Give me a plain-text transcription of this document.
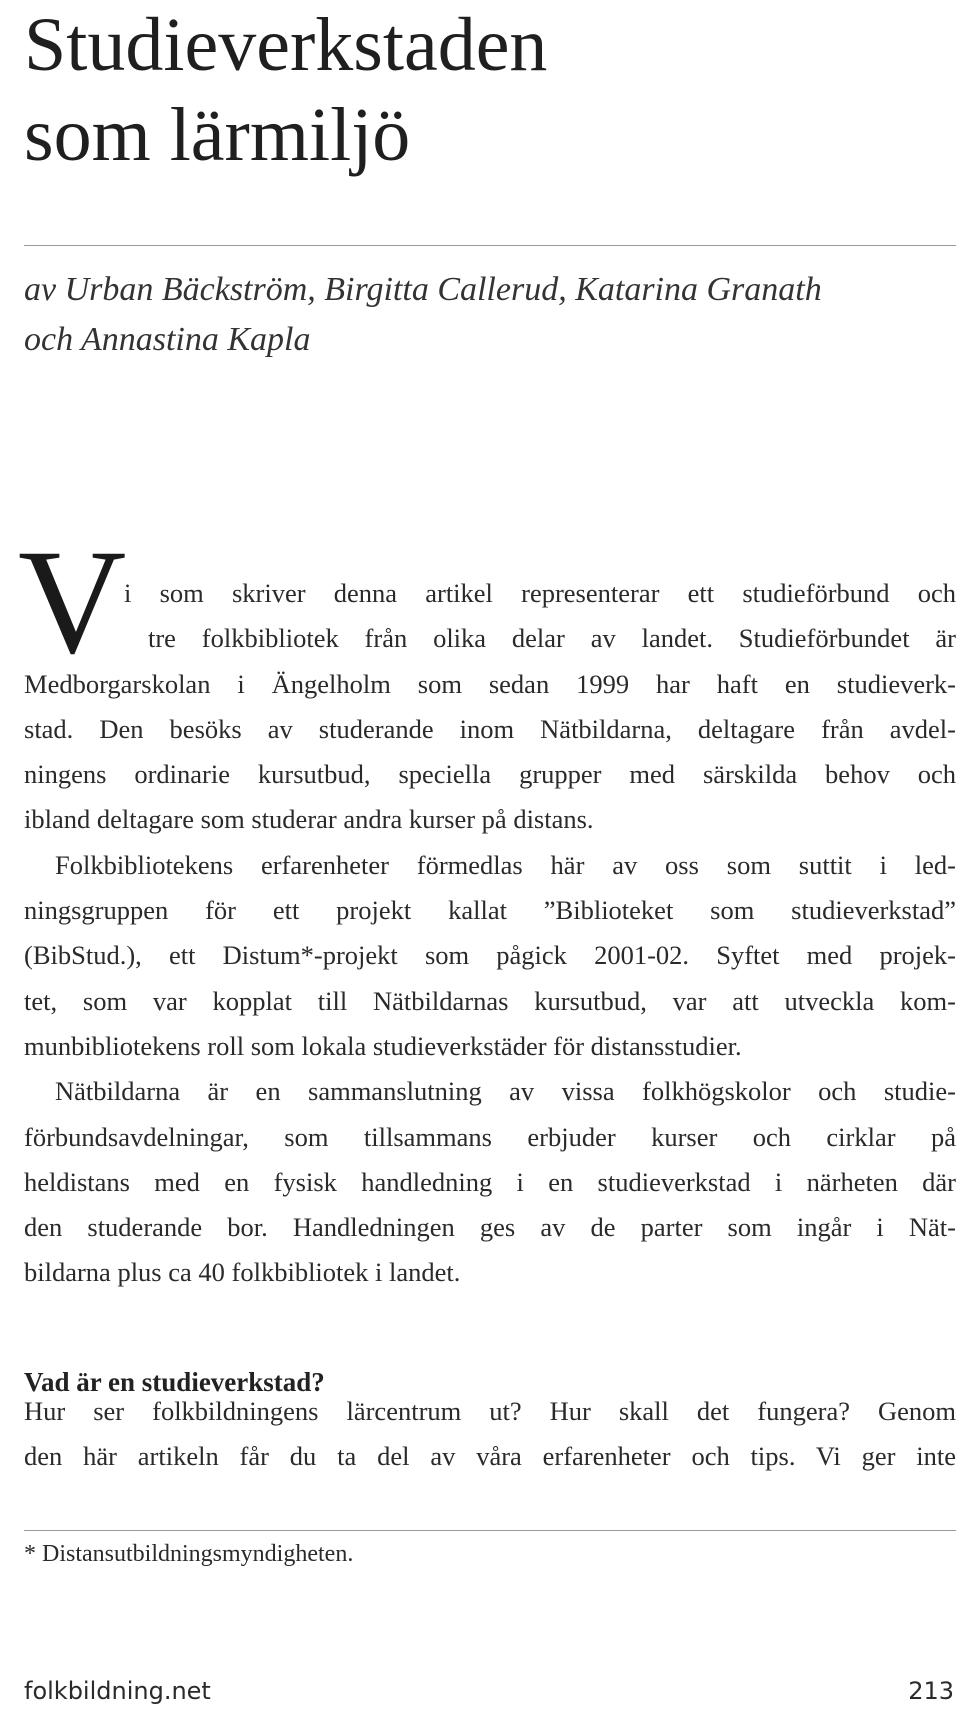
Studieverkstaden
som lärmiljö
av Urban Bäckström, Birgitta Callerud, Katarina Granath
och Annastina Kapla
V
i som skriver denna artikel representerar ett studieförbund och
tre folkbibliotek från olika delar av landet. Studieförbundet är
Medborgarskolan i Ängelholm som sedan 1999 har haft en studieverk-
stad. Den besöks av studerande inom Nätbildarna, deltagare från avdel-
ningens ordinarie kursutbud, speciella grupper med särskilda behov och
ibland deltagare som studerar andra kurser på distans.
Folkbibliotekens erfarenheter förmedlas här av oss som suttit i led-
ningsgruppen för ett projekt kallat ”Biblioteket som studieverkstad”
(BibStud.), ett Distum*-projekt som pågick 2001-02. Syftet med projek-
tet, som var kopplat till Nätbildarnas kursutbud, var att utveckla kom-
munbibliotekens roll som lokala studieverkstäder för distansstudier.
Nätbildarna är en sammanslutning av vissa folkhögskolor och studie-
förbundsavdelningar, som tillsammans erbjuder kurser och cirklar på
heldistans med en fysisk handledning i en studieverkstad i närheten där
den studerande bor. Handledningen ges av de parter som ingår i Nät-
bildarna plus ca 40 folkbibliotek i landet.
Vad är en studieverkstad?
Hur ser folkbildningens lärcentrum ut? Hur skall det fungera? Genom
den här artikeln får du ta del av våra erfarenheter och tips. Vi ger inte
* Distansutbildningsmyndigheten.
folkbildning.net	213
